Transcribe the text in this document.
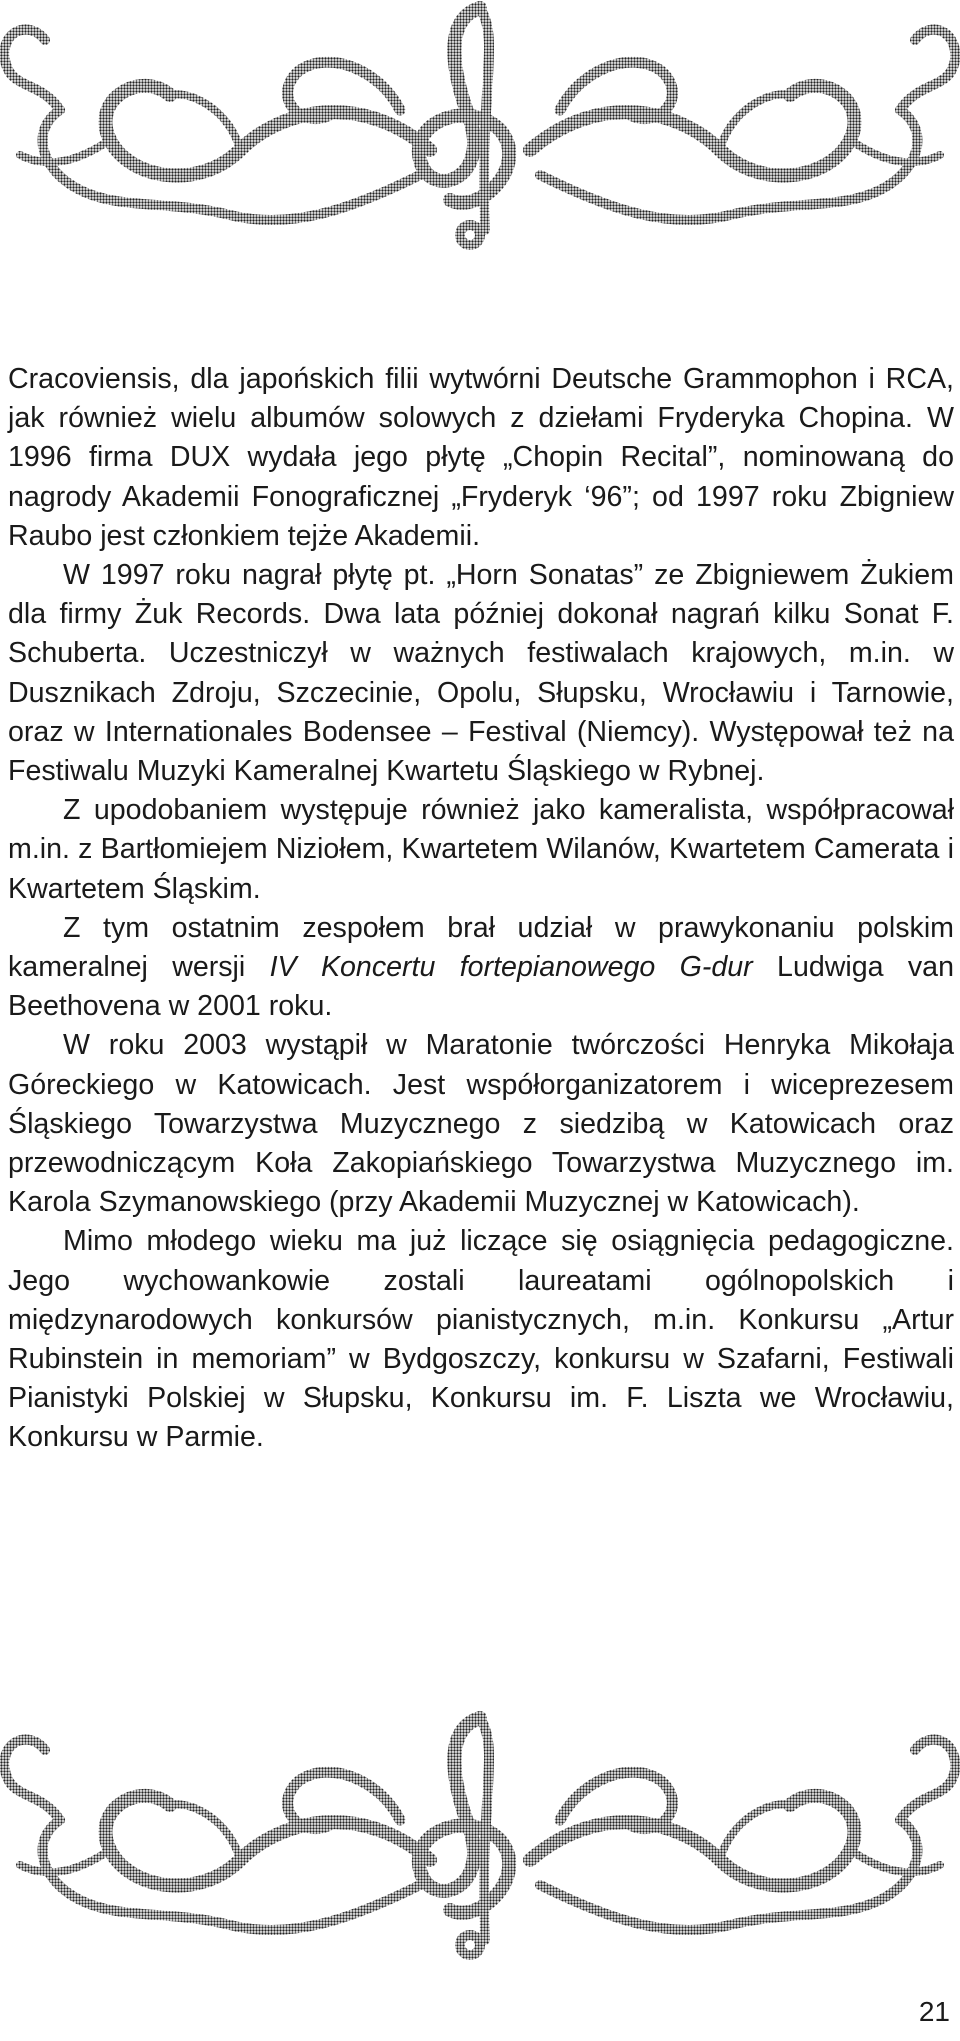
Cracoviensis, dla japońskich filii wytwórni Deutsche Grammophon i RCA, jak również wielu albumów solowych z dziełami Fryderyka Chopina. W 1996 firma DUX wydała jego płytę „Chopin Recital”, nominowaną do nagrody Akademii Fonograficznej „Fryderyk ‘96”; od 1997 roku Zbigniew Raubo jest członkiem tejże Akademii.

W 1997 roku nagrał płytę pt. „Horn Sonatas” ze Zbigniewem Żukiem dla firmy Żuk Records. Dwa lata później dokonał nagrań kilku Sonat F. Schuberta. Uczestniczył w ważnych festiwalach krajowych, m.in. w Dusznikach Zdroju, Szczecinie, Opolu, Słupsku, Wrocławiu i Tarnowie, oraz w Internationales Bodensee – Festival (Niemcy). Występował też na Festiwalu Muzyki Kameralnej Kwartetu Śląskiego w Rybnej.

Z upodobaniem występuje również jako kameralista, współpracował m.in. z Bartłomiejem Niziołem, Kwartetem Wilanów, Kwartetem Camerata i Kwartetem Śląskim.

Z tym ostatnim zespołem brał udział w prawykonaniu polskim kameralnej wersji IV Koncertu fortepianowego G-dur Ludwiga van Beethovena w 2001 roku.

W roku 2003 wystąpił w Maratonie twórczości Henryka Mikołaja Góreckiego w Katowicach. Jest współorganizatorem i wiceprezesem Śląskiego Towarzystwa Muzycznego z siedzibą w Katowicach oraz przewodniczącym Koła Zakopiańskiego Towarzystwa Muzycznego im. Karola Szymanowskiego (przy Akademii Muzycznej w Katowicach).

Mimo młodego wieku ma już liczące się osiągnięcia pedagogiczne. Jego wychowankowie zostali laureatami ogólnopolskich i międzynarodowych konkursów pianistycznych, m.in. Konkursu „Artur Rubinstein in memoriam” w Bydgoszczy, konkursu w Szafarni, Festiwali Pianistyki Polskiej w Słupsku, Konkursu im. F. Liszta we Wrocławiu, Konkursu w Parmie.

21
